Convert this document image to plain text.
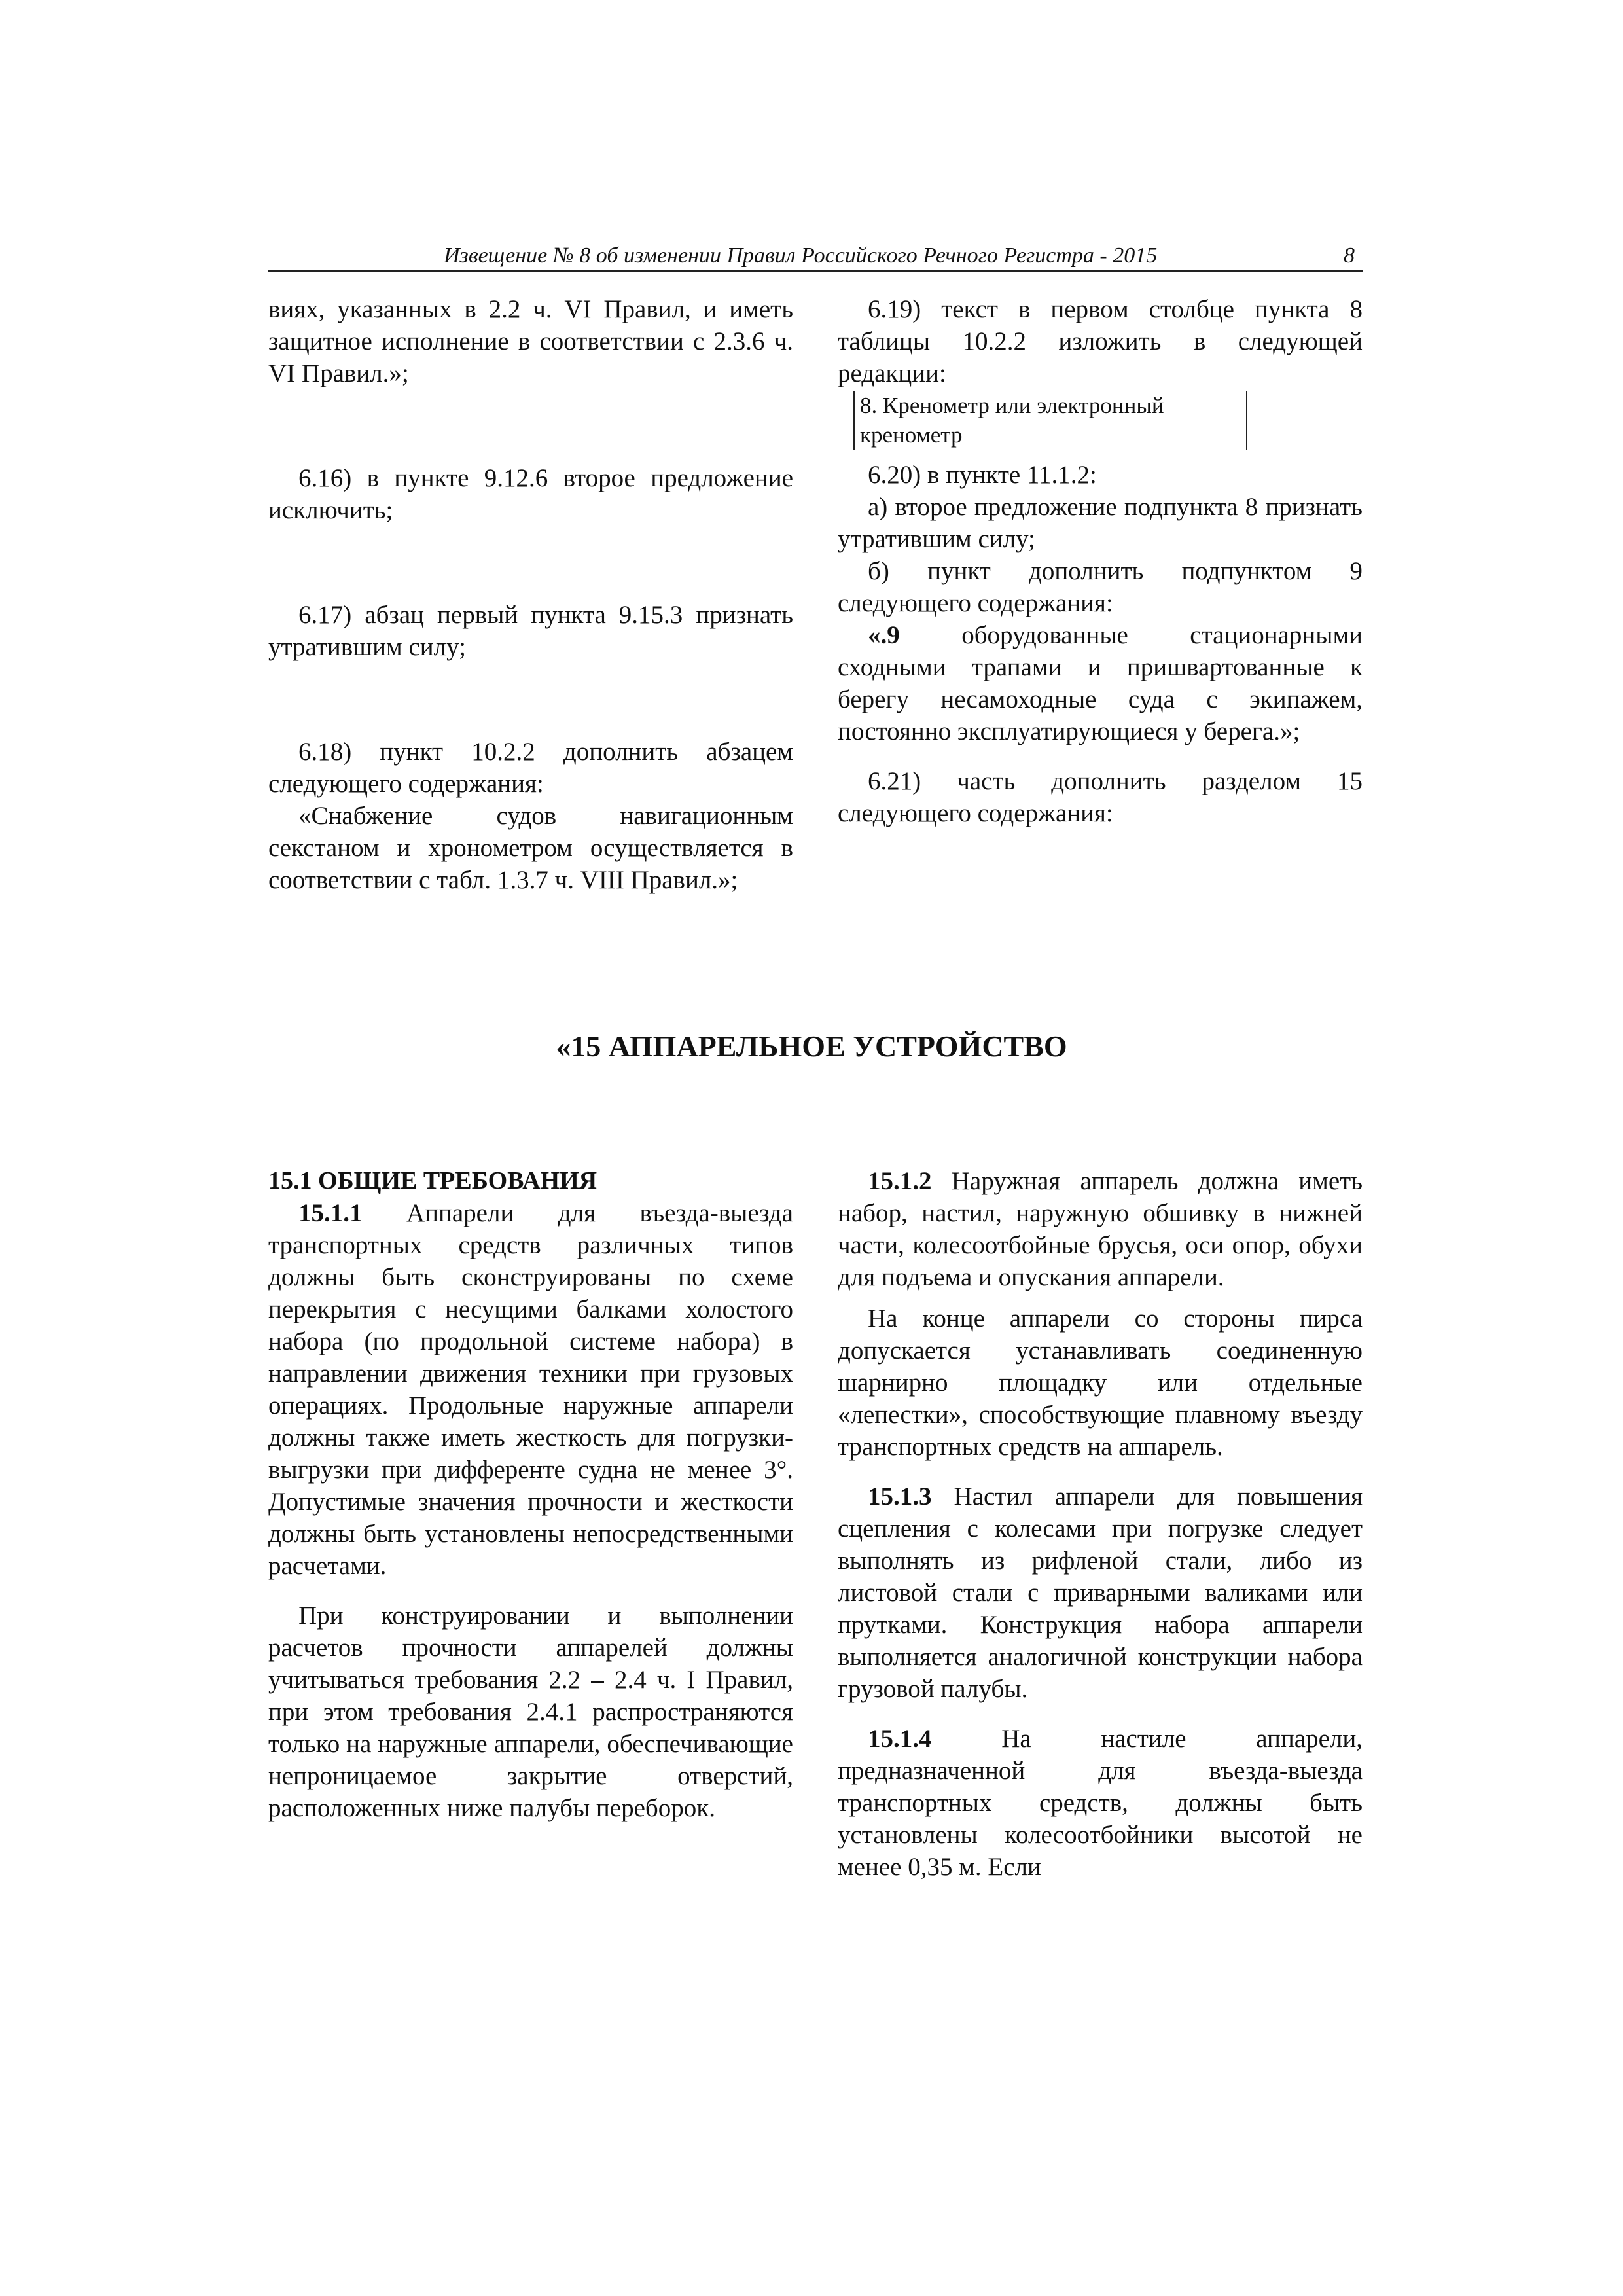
Извещение № 8 об изменении Правил Российского Речного Регистра - 2015	8

виях, указанных в 2.2 ч. VI Правил, и иметь защитное исполнение в соответствии с 2.3.6 ч. VI Правил.»;

6.16) в пункте 9.12.6 второе предложение исключить;

6.17) абзац первый пункта 9.15.3 признать утратившим силу;

6.18) пункт 10.2.2 дополнить абзацем следующего содержания:

«Снабжение судов навигационным секстаном и хронометром осуществляется в соответствии с табл. 1.3.7 ч. VIII Правил.»;

6.19) текст в первом столбце пункта 8 таблицы 10.2.2 изложить в следующей редакции:

8. Кренометр или электронный кренометр

6.20) в пункте 11.1.2:

а) второе предложение подпункта 8 признать утратившим силу;

б) пункт дополнить подпунктом 9 следующего содержания:

«.9 оборудованные стационарными сходными трапами и пришвартованные к берегу несамоходные суда с экипажем, постоянно эксплуатирующиеся у берега.»;

6.21) часть дополнить разделом 15 следующего содержания:

«15 АППАРЕЛЬНОЕ УСТРОЙСТВО

15.1 ОБЩИЕ ТРЕБОВАНИЯ

15.1.1 Аппарели для въезда-выезда транспортных средств различных типов должны быть сконструированы по схеме перекрытия с несущими балками холостого набора (по продольной системе набора) в направлении движения техники при грузовых операциях. Продольные наружные аппарели должны также иметь жесткость для погрузки-выгрузки при дифференте судна не менее 3°. Допустимые значения прочности и жесткости должны быть установлены непосредственными расчетами.

При конструировании и выполнении расчетов прочности аппарелей должны учитываться требования 2.2 – 2.4 ч. I Правил, при этом требования 2.4.1 распространяются только на наружные аппарели, обеспечивающие непроницаемое закрытие отверстий, расположенных ниже палубы переборок.

15.1.2 Наружная аппарель должна иметь набор, настил, наружную обшивку в нижней части, колесоотбойные брусья, оси опор, обухи для подъема и опускания аппарели.

На конце аппарели со стороны пирса допускается устанавливать соединенную шарнирно площадку или отдельные «лепестки», способствующие плавному въезду транспортных средств на аппарель.

15.1.3 Настил аппарели для повышения сцепления с колесами при погрузке следует выполнять из рифленой стали, либо из листовой стали с приварными валиками или прутками. Конструкция набора аппарели выполняется аналогичной конструкции набора грузовой палубы.

15.1.4	На настиле аппарели, предназначенной для въезда-выезда транспортных средств, должны быть установлены колесоотбойники высотой не менее 0,35 м. Если
